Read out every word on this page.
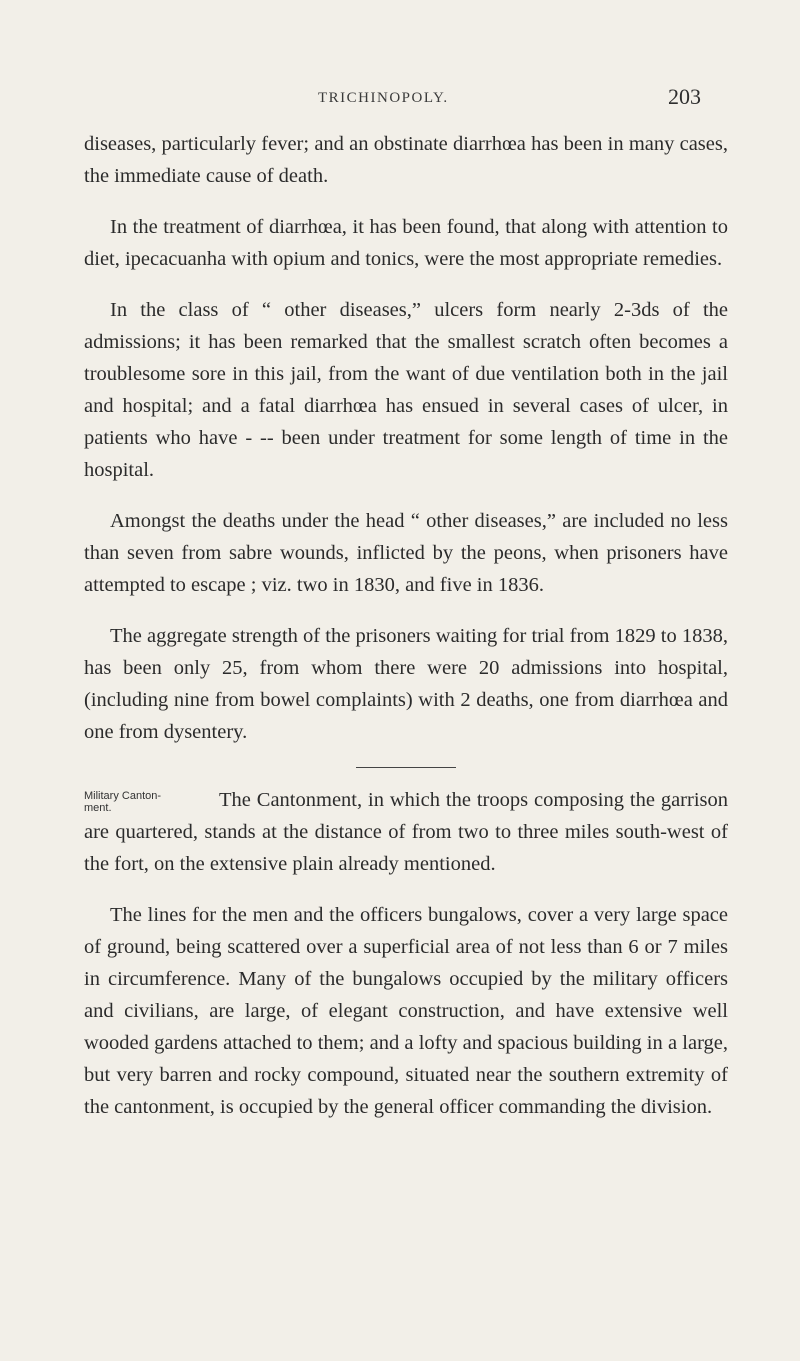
TRICHINOPOLY.	203

diseases, particularly fever; and an obstinate diarrhœa has been in many cases, the immediate cause of death.

In the treatment of diarrhœa, it has been found, that along with attention to diet, ipecacuanha with opium and tonics, were the most appropriate remedies.

In the class of “ other diseases,” ulcers form nearly 2-3ds of the admissions; it has been remarked that the smallest scratch often becomes a troublesome sore in this jail, from the want of due ventilation both in the jail and hospital; and a fatal diarrhœa has ensued in several cases of ulcer, in patients who have - -- been under treatment for some length of time in the hospital.

Amongst the deaths under the head “ other diseases,” are included no less than seven from sabre wounds, inflicted by the peons, when prisoners have attempted to escape ; viz. two in 1830, and five in 1836.

The aggregate strength of the prisoners waiting for trial from 1829 to 1838, has been only 25, from whom there were 20 admissions into hospital, (including nine from bowel complaints) with 2 deaths, one from diarrhœa and one from dysentery.

Military Canton-ment.	The Cantonment, in which the troops composing the garrison are quartered, stands at the distance of from two to three miles south-west of the fort, on the extensive plain already mentioned.

The lines for the men and the officers bungalows, cover a very large space of ground, being scattered over a superficial area of not less than 6 or 7 miles in circumference. Many of the bungalows occupied by the military officers and civilians, are large, of elegant construction, and have extensive well wooded gardens attached to them; and a lofty and spacious building in a large, but very barren and rocky compound, situated near the southern extremity of the cantonment, is occupied by the general officer commanding the division.
